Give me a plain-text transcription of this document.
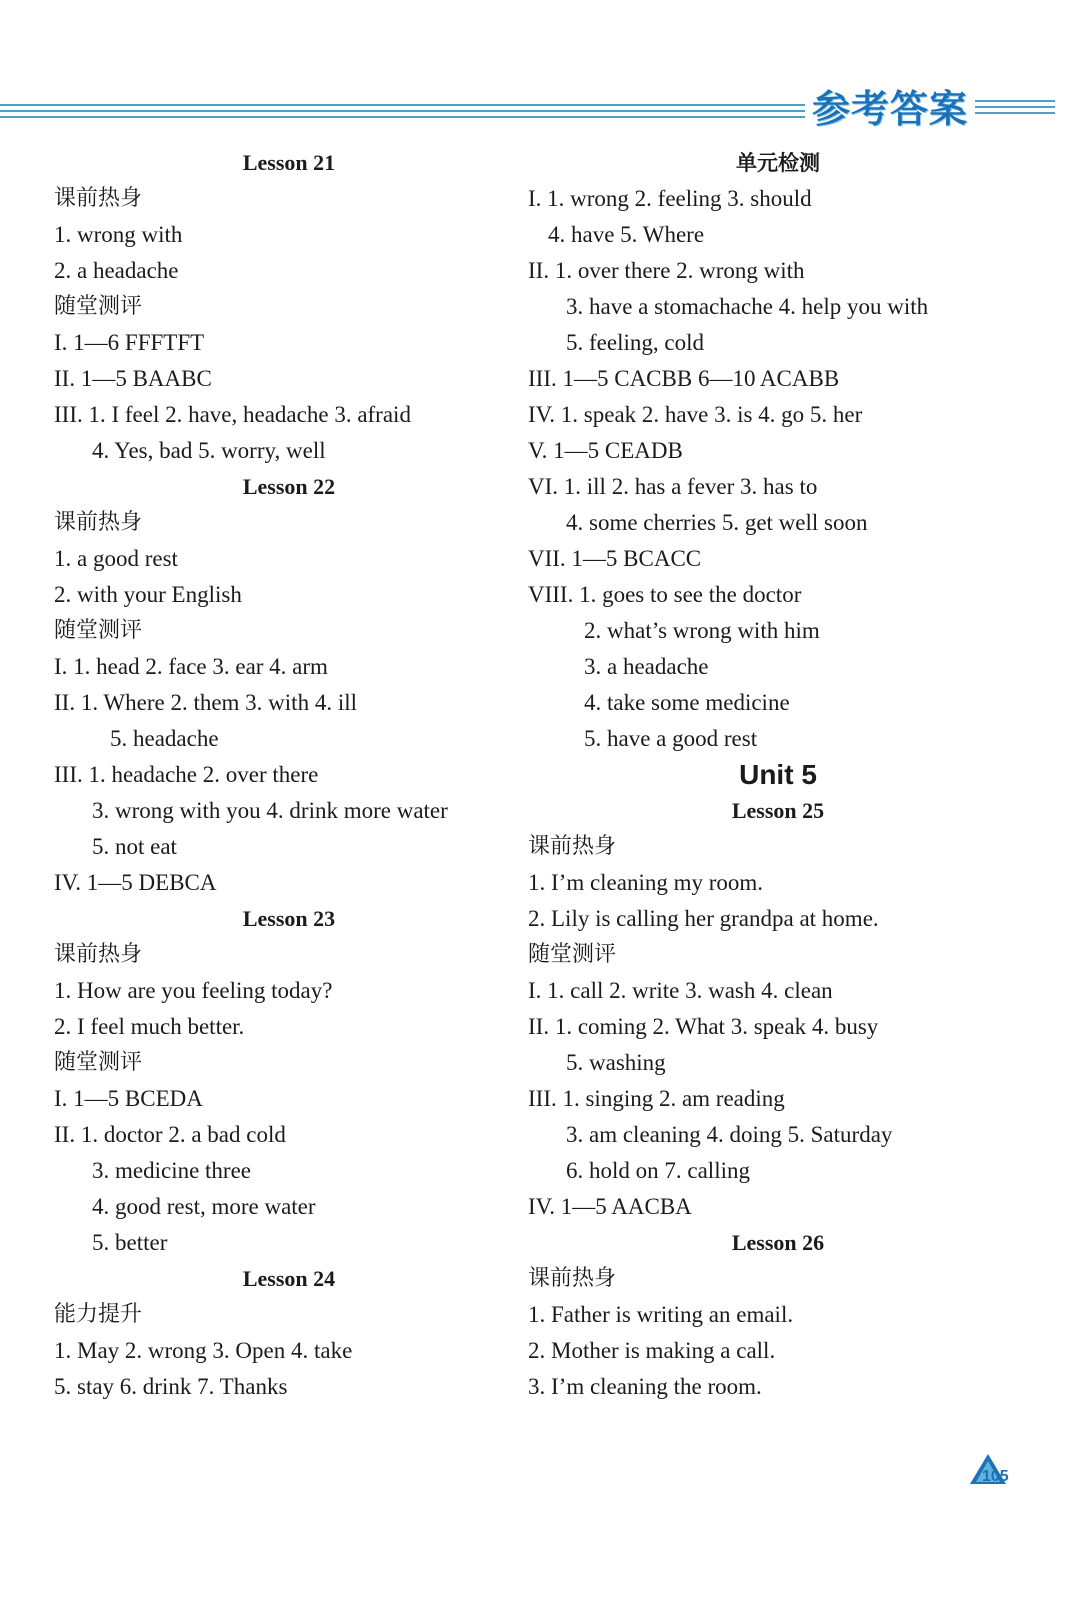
参考答案
Lesson 21
课前热身
1. wrong with
2. a headache
随堂测评
I. 1—6 FFFTFT
II. 1—5 BAABC
III. 1. I feel 2. have, headache 3. afraid
4. Yes, bad 5. worry, well
Lesson 22
课前热身
1. a good rest
2. with your English
随堂测评
I. 1. head 2. face 3. ear 4. arm
II. 1. Where 2. them 3. with 4. ill
5. headache
III. 1. headache 2. over there
3. wrong with you 4. drink more water
5. not eat
IV. 1—5 DEBCA
Lesson 23
课前热身
1. How are you feeling today?
2. I feel much better.
随堂测评
I. 1—5 BCEDA
II. 1. doctor 2. a bad cold
3. medicine three
4. good rest, more water
5. better
Lesson 24
能力提升
1. May 2. wrong 3. Open 4. take
5. stay 6. drink 7. Thanks
单元检测
I. 1. wrong 2. feeling 3. should
4. have 5. Where
II. 1. over there 2. wrong with
3. have a stomachache 4. help you with
5. feeling, cold
III. 1—5 CACBB 6—10 ACABB
IV. 1. speak 2. have 3. is 4. go 5. her
V. 1—5 CEADB
VI. 1. ill 2. has a fever 3. has to
4. some cherries 5. get well soon
VII. 1—5 BCACC
VIII. 1. goes to see the doctor
2. what’s wrong with him
3. a headache
4. take some medicine
5. have a good rest
Unit 5
Lesson 25
课前热身
1. I’m cleaning my room.
2. Lily is calling her grandpa at home.
随堂测评
I. 1. call 2. write 3. wash 4. clean
II. 1. coming 2. What 3. speak 4. busy
5. washing
III. 1. singing 2. am reading
3. am cleaning 4. doing 5. Saturday
6. hold on 7. calling
IV. 1—5 AACBA
Lesson 26
课前热身
1. Father is writing an email.
2. Mother is making a call.
3. I’m cleaning the room.
105
